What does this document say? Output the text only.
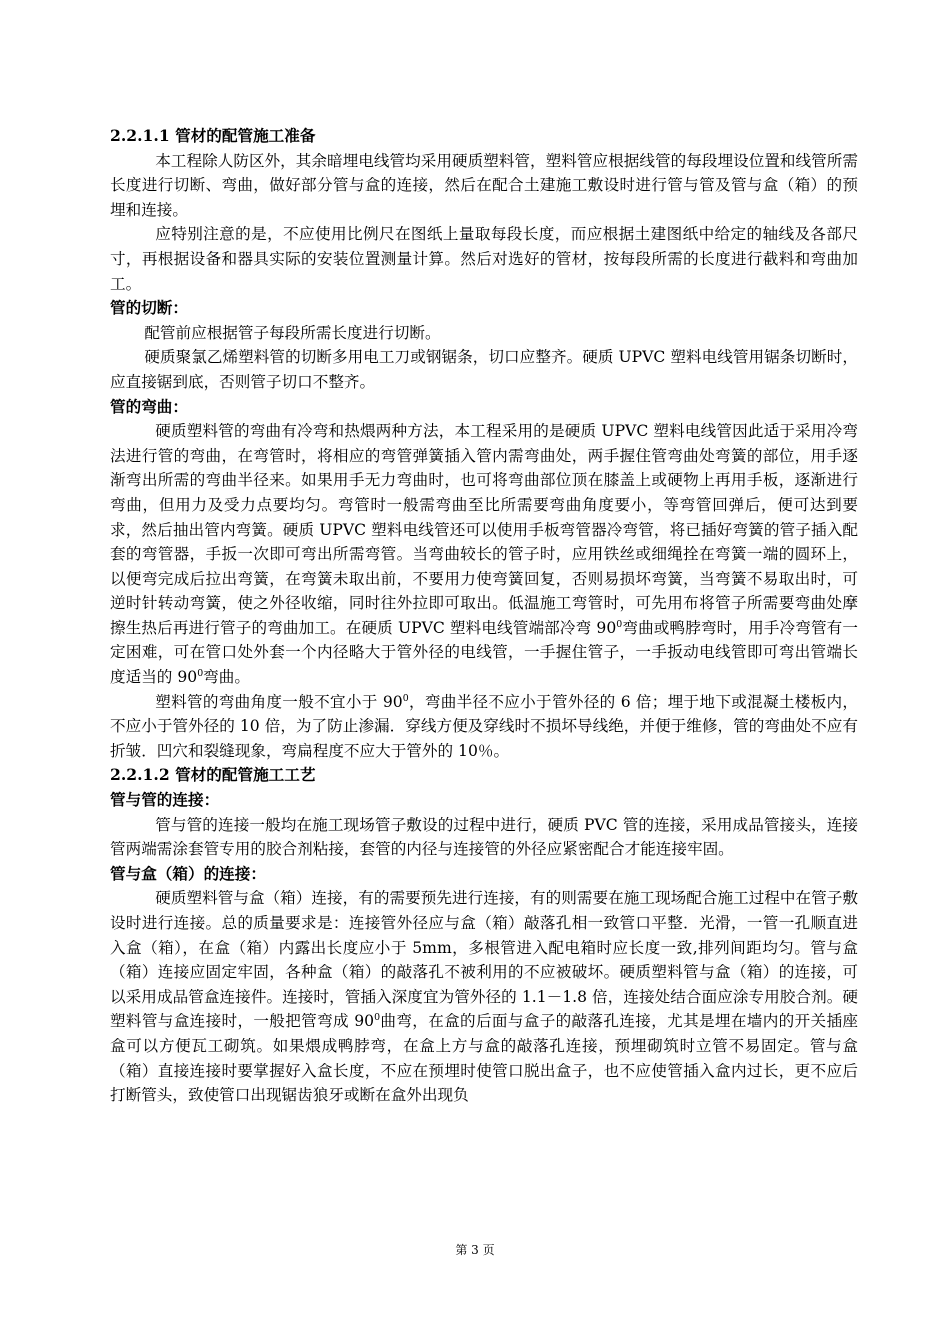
2.2.1.1 管材的配管施工准备
本工程除人防区外，其余暗埋电线管均采用硬质塑料管，塑料管应根据线管的每段埋设位置和线管所需长度进行切断、弯曲，做好部分管与盒的连接，然后在配合土建施工敷设时进行管与管及管与盒（箱）的预埋和连接。
应特别注意的是，不应使用比例尺在图纸上量取每段长度，而应根据土建图纸中给定的轴线及各部尺寸，再根据设备和器具实际的安装位置测量计算。然后对选好的管材，按每段所需的长度进行截料和弯曲加工。
管的切断：
配管前应根据管子每段所需长度进行切断。
硬质聚氯乙烯塑料管的切断多用电工刀或钢锯条，切口应整齐。硬质 UPVC 塑料电线管用锯条切断时，应直接锯到底，否则管子切口不整齐。
管的弯曲：
硬质塑料管的弯曲有冷弯和热煨两种方法，本工程采用的是硬质 UPVC 塑料电线管因此适于采用冷弯法进行管的弯曲，在弯管时，将相应的弯管弹簧插入管内需弯曲处，两手握住管弯曲处弯簧的部位，用手逐渐弯出所需的弯曲半径来。如果用手无力弯曲时，也可将弯曲部位顶在膝盖上或硬物上再用手板，逐渐进行弯曲，但用力及受力点要均匀。弯管时一般需弯曲至比所需要弯曲角度要小，等弯管回弹后，便可达到要求，然后抽出管内弯簧。硬质 UPVC 塑料电线管还可以使用手板弯管器冷弯管，将已插好弯簧的管子插入配套的弯管器，手扳一次即可弯出所需弯管。当弯曲较长的管子时，应用铁丝或细绳拴在弯簧一端的圆环上，以便弯完成后拉出弯簧，在弯簧未取出前，不要用力使弯簧回复，否则易损坏弯簧，当弯簧不易取出时，可逆时针转动弯簧，使之外径收缩，同时往外拉即可取出。低温施工弯管时，可先用布将管子所需要弯曲处摩擦生热后再进行管子的弯曲加工。在硬质 UPVC 塑料电线管端部冷弯 $90^0$弯曲或鸭脖弯时，用手冷弯管有一定困难，可在管口处外套一个内径略大于管外径的电线管，一手握住管子，一手扳动电线管即可弯出管端长度适当的 $90^0$弯曲。
塑料管的弯曲角度一般不宜小于 $90^0$，弯曲半径不应小于管外径的 6 倍；埋于地下或混凝土楼板内，不应小于管外径的 10 倍，为了防止渗漏．穿线方便及穿线时不损坏导线绝，并便于维修，管的弯曲处不应有折皱．凹穴和裂缝现象，弯扁程度不应大于管外的 10％。
2.2.1.2 管材的配管施工工艺
管与管的连接：
管与管的连接一般均在施工现场管子敷设的过程中进行，硬质 PVC 管的连接，采用成品管接头，连接管两端需涂套管专用的胶合剂粘接，套管的内径与连接管的外径应紧密配合才能连接牢固。
管与盒（箱）的连接：
硬质塑料管与盒（箱）连接，有的需要预先进行连接，有的则需要在施工现场配合施工过程中在管子敷设时进行连接。总的质量要求是：连接管外径应与盒（箱）敲落孔相一致管口平整．光滑，一管一孔顺直进入盒（箱），在盒（箱）内露出长度应小于 5mm，多根管进入配电箱时应长度一致,排列间距均匀。管与盒（箱）连接应固定牢固，各种盒（箱）的敲落孔不被利用的不应被破坏。硬质塑料管与盒（箱）的连接，可以采用成品管盒连接件。连接时，管插入深度宜为管外径的 1.1－1.8 倍，连接处结合面应涂专用胶合剂。硬塑料管与盒连接时，一般把管弯成 $90^0$曲弯，在盒的后面与盒子的敲落孔连接，尤其是埋在墙内的开关插座盒可以方便瓦工砌筑。如果煨成鸭脖弯，在盒上方与盒的敲落孔连接，预埋砌筑时立管不易固定。管与盒（箱）直接连接时要掌握好入盒长度，不应在预埋时使管口脱出盒子，也不应使管插入盒内过长，更不应后打断管头，致使管口出现锯齿狼牙或断在盒外出现负
第 3 页
